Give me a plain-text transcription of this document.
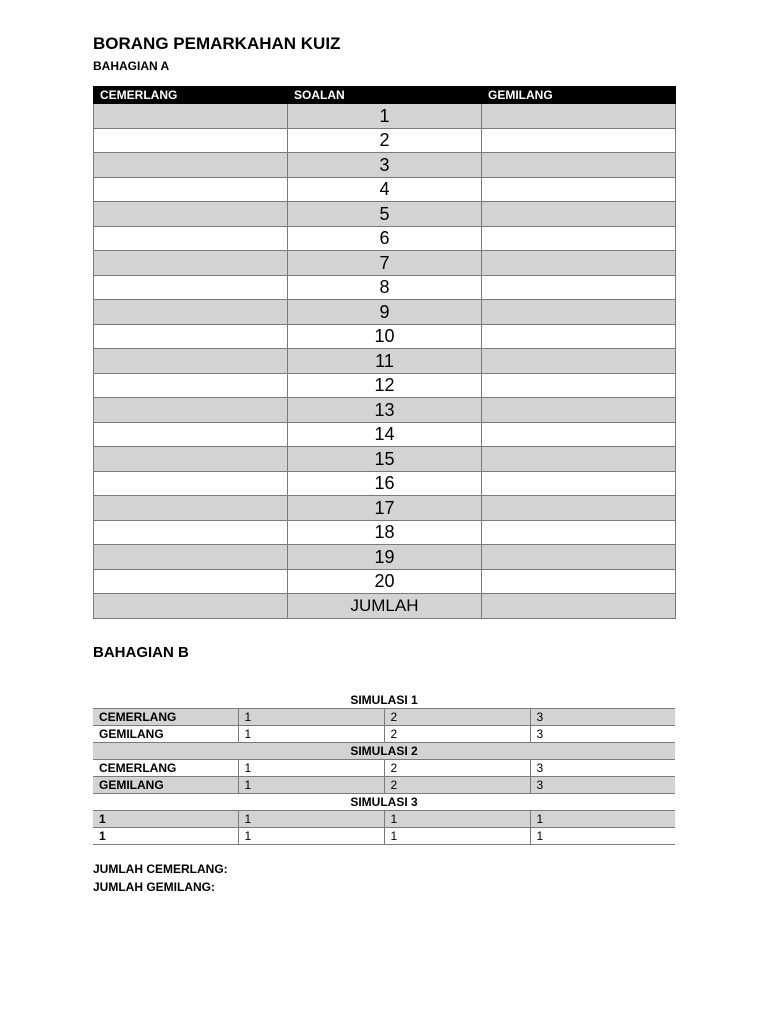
BORANG PEMARKAHAN KUIZ
BAHAGIAN A
CEMERLANG	SOALAN	GEMILANG
	1	
	2	
	3	
	4	
	5	
	6	
	7	
	8	
	9	
	10	
	11	
	12	
	13	
	14	
	15	
	16	
	17	
	18	
	19	
	20	
	JUMLAH	
BAHAGIAN B
SIMULASI 1			
CEMERLANG	1	2	3
GEMILANG	1	2	3
SIMULASI 2			
CEMERLANG	1	2	3
GEMILANG	1	2	3
SIMULASI 3			
1	1	1	1
1	1	1	1
JUMLAH CEMERLANG:
JUMLAH GEMILANG:
